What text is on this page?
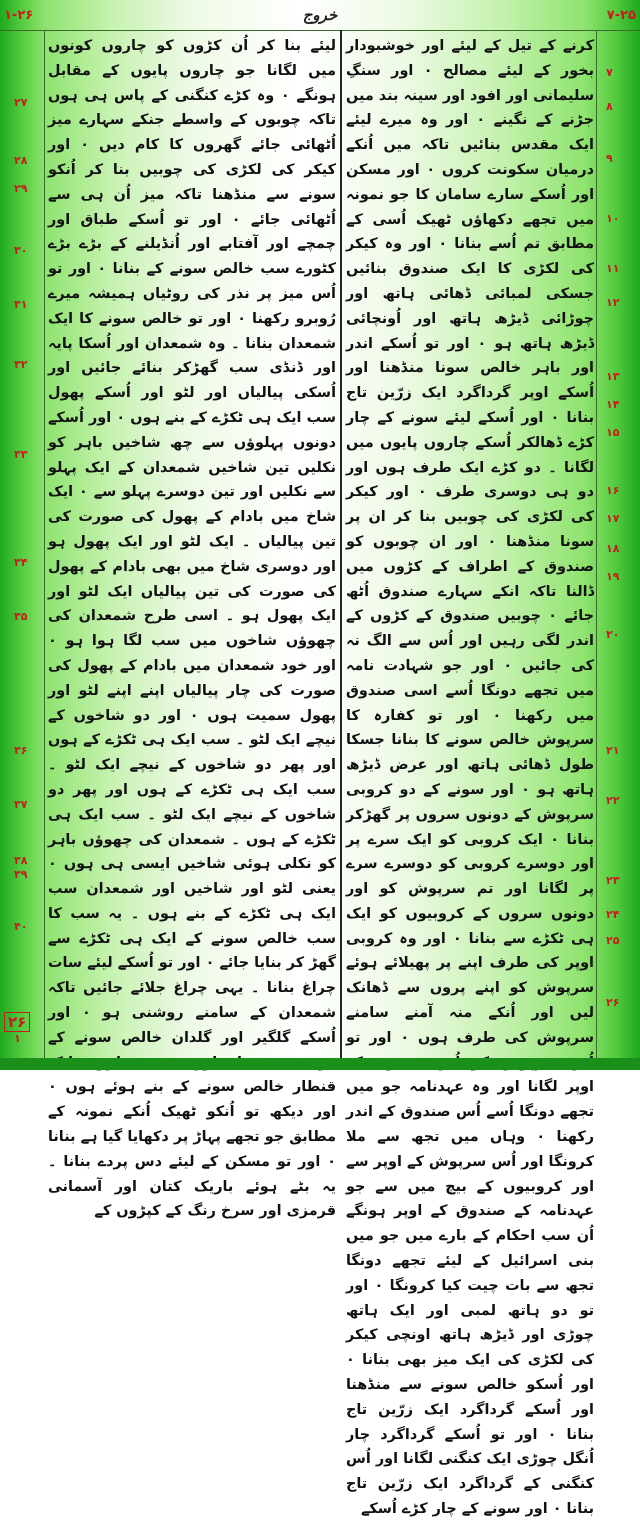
۱-۲۶	خروج	۷-۲۵

کرنے کے تیل کے لیئے اور خوشبودار بخور کے لیئے مصالح ۰ اور سنگِ سلیمانی اور افود اور سینہ بند میں جڑنے کے نگینے ۰ اور وہ میرے لیئے ایک مقدس بنائیں تاکہ میں اُنکے درمیان سکونت کروں ۰ اور مسکن اور اُسکے سارے سامان کا جو نمونہ میں تجھے دکھاؤں ٹھیک اُسی کے مطابق تم اُسے بنانا ۰ اور وہ کیکر کی لکڑی کا ایک صندوق بنائیں جسکی لمبائی ڈھائی ہاتھ اور چوڑائی ڈیڑھ ہاتھ اور اُونچائی ڈیڑھ ہاتھ ہو ۰ اور تو اُسکے اندر اور باہر خالص سونا منڈھنا اور اُسکے اوپر گرداگرد ایک زرّین تاج بنانا ۰ اور اُسکے لیئے سونے کے چار کڑے ڈھالکر اُسکے چاروں پایوں میں لگانا ۔ دو کڑے ایک طرف ہوں اور دو ہی دوسری طرف ۰ اور کیکر کی لکڑی کی چوبیں بنا کر ان پر سونا منڈھنا ۰ اور ان چوبوں کو صندوق کے اطراف کے کڑوں میں ڈالنا تاکہ انکے سہارے صندوق اُٹھ جائے ۰ چوبیں صندوق کے کڑوں کے اندر لگی رہیں اور اُس سے الگ نہ کی جائیں ۰ اور جو شہادت نامہ میں تجھے دونگا اُسے اسی صندوق میں رکھنا ۰ اور تو کفارہ کا سرپوش خالص سونے کا بنانا جسکا طول ڈھائی ہاتھ اور عرض ڈیڑھ ہاتھ ہو ۰ اور سونے کے دو کروبی سرپوش کے دونوں سروں پر گھڑکر بنانا ۰ ایک کروبی کو ایک سرے پر اور دوسرے کروبی کو دوسرے سرے پر لگانا اور تم سرپوش کو اور دونوں سروں کے کروبیوں کو ایک ہی ٹکڑے سے بنانا ۰ اور وہ کروبی اوپر کی طرف اپنے پر پھیلائے ہوئے سرپوش کو اپنے پروں سے ڈھانک لیں اور اُنکے منہ آمنے سامنے سرپوش کی طرف ہوں ۰ اور تو اوپر لگانا اور وہ عہدنامہ جو میں تجھے دونگا اُسے اُس صندوق کے اندر رکھنا ۰ وہاں میں تجھ سے ملا کرونگا اور اُس سرپوش کے اوپر سے اور کروبیوں کے بیچ میں سے جو عہدنامہ کے صندوق کے اوپر ہونگے اُن سب احکام کے بارے میں جو میں بنی اسرائیل کے لیئے تجھے دونگا تجھ سے بات چیت کیا کرونگا ۰ اور تو دو ہاتھ لمبی اور ایک ہاتھ چوڑی اور ڈیڑھ ہاتھ اونچی کیکر کی لکڑی کی ایک میز بھی بنانا ۰ اور اُسکو خالص سونے سے منڈھنا اور اُسکے گرداگرد ایک زرّین تاج بنانا ۰ اور تو اُسکے گرداگرد چار اُنگل چوڑی ایک کنگنی لگانا اور اُس کنگنی کے گرداگرد ایک زرّین تاج بنانا ۰ اور سونے کے چار کڑے اُسکے

لیئے بنا کر اُن کڑوں کو چاروں کونوں میں لگانا جو چاروں پایوں کے مقابل ہونگے ۰ وہ کڑے کنگنی کے پاس ہی ہوں تاکہ چوبوں کے واسطے جنکے سہارے میز اُٹھائی جائے گھروں کا کام دیں ۰ اور کیکر کی لکڑی کی چوبیں بنا کر اُنکو سونے سے منڈھنا تاکہ میز اُن ہی سے اُٹھائی جائے ۰ اور تو اُسکے طباق اور چمچے اور آفتابے اور اُنڈیلنے کے بڑے بڑے کٹورے سب خالص سونے کے بنانا ۰ اور تو اُس میز پر نذر کی روٹیاں ہمیشہ میرے رُوبرو رکھنا ۰ اور تو خالص سونے کا ایک شمعدان بنانا ۔ وہ شمعدان اور اُسکا پایہ اور ڈنڈی سب گھڑکر بنائے جائیں اور اُسکی پیالیاں اور لٹو اور اُسکے پھول سب ایک ہی ٹکڑے کے بنے ہوں ۰ اور اُسکے دونوں پہلوؤں سے چھ شاخیں باہر کو نکلیں تین شاخیں شمعدان کے ایک پہلو سے نکلیں اور تین دوسرے پہلو سے ۰ ایک شاخ میں بادام کے پھول کی صورت کی تین پیالیاں ۔ ایک لٹو اور ایک پھول ہو اور دوسری شاخ میں بھی بادام کے پھول کی صورت کی تین پیالیاں ایک لٹو اور ایک پھول ہو ۔ اسی طرح شمعدان کی چھوؤں شاخوں میں سب لگا ہوا ہو ۰ اور خود شمعدان میں بادام کے پھول کی صورت کی چار پیالیاں اپنے اپنے لٹو اور پھول سمیت ہوں ۰ اور دو شاخوں کے نیچے ایک لٹو ۔ سب ایک ہی ٹکڑے کے ہوں اور پھر دو شاخوں کے نیچے ایک لٹو ۔ سب ایک ہی ٹکڑے کے ہوں اور پھر دو شاخوں کے نیچے ایک لٹو ۔ سب ایک ہی ٹکڑے کے ہوں ۔ شمعدان کی چھوؤں باہر کو نکلی ہوئی شاخیں ایسی ہی ہوں ۰ یعنی لٹو اور شاخیں اور شمعدان سب ایک ہی ٹکڑے کے بنے ہوں ۔ یہ سب کا سب خالص سونے کے ایک ہی ٹکڑے سے گھڑ کر بنایا جائے ۰ اور تو اُسکے لیئے سات چراغ بنانا ۔ یہی چراغ جلائے جائیں تاکہ شمعدان کے سامنے روشنی ہو ۰ اور اُسکے گلگیر اور گلدان خالص سونے کے قنطار خالص سونے کے بنے ہوئے ہوں ۰ اور دیکھ تو اُنکو ٹھیک اُنکے نمونہ کے مطابق جو تجھے پہاڑ پر دکھایا گیا ہے بنانا ۰ اور تو مسکن کے لیئے دس پردے بنانا ۔ یہ بٹے ہوئے باریک کتان اور آسمانی قرمزی اور سرخ رنگ کے کپڑوں کے

۷
۸
۹
۱۰
۱۱
۱۲
۱۳
۱۴
۱۵
۱۶
۱۷
۱۸
۱۹
۲۰
۲۱
۲۲
۲۳
۲۴
۲۵
۲۶
۲۷
۲۸
۲۹
۳۰
۳۱
۳۲
۳۳
۳۴
۳۵
۳۶
۳۷
۳۸
۳۹
۴۰
۱
۲۶
